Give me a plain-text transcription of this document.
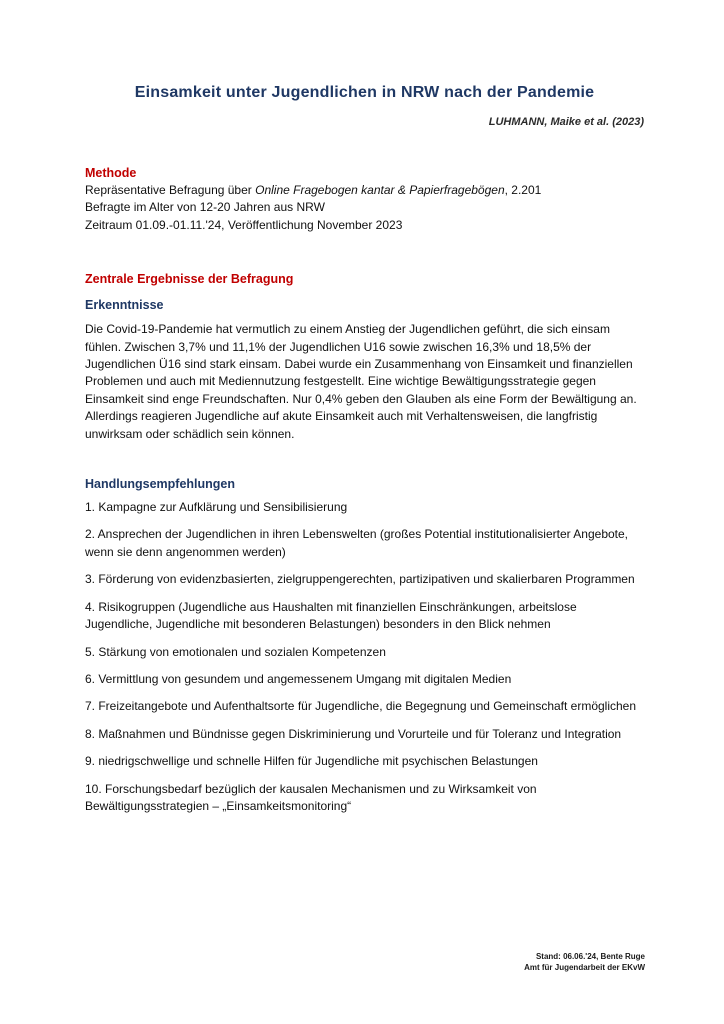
Einsamkeit unter Jugendlichen in NRW nach der Pandemie
LUHMANN, Maike et al. (2023)
Methode

Repräsentative Befragung über Online Fragebogen kantar & Papierfragebögen, 2.201
Befragte im Alter von 12-20 Jahren aus NRW
Zeitraum 01.09.-01.11.'24, Veröffentlichung November 2023

Zentrale Ergebnisse der Befragung
Erkenntnisse

Die Covid-19-Pandemie hat vermutlich zu einem Anstieg der Jugendlichen geführt, die sich einsam fühlen. Zwischen 3,7% und 11,1% der Jugendlichen U16 sowie zwischen 16,3% und 18,5% der Jugendlichen Ü16 sind stark einsam. Dabei wurde ein Zusammenhang von Einsamkeit und finanziellen Problemen und auch mit Mediennutzung festgestellt. Eine wichtige Bewältigungsstrategie gegen Einsamkeit sind enge Freundschaften. Nur 0,4% geben den Glauben als eine Form der Bewältigung an. Allerdings reagieren Jugendliche auf akute Einsamkeit auch mit Verhaltensweisen, die langfristig unwirksam oder schädlich sein können.

Handlungsempfehlungen

1. Kampagne zur Aufklärung und Sensibilisierung

2. Ansprechen der Jugendlichen in ihren Lebenswelten (großes Potential institutionalisierter Angebote, wenn sie denn angenommen werden)

3. Förderung von evidenzbasierten, zielgruppengerechten, partizipativen und skalierbaren Programmen

4. Risikogruppen (Jugendliche aus Haushalten mit finanziellen Einschränkungen, arbeitslose Jugendliche, Jugendliche mit besonderen Belastungen) besonders in den Blick nehmen

5. Stärkung von emotionalen und sozialen Kompetenzen

6. Vermittlung von gesundem und angemessenem Umgang mit digitalen Medien

7. Freizeitangebote und Aufenthaltsorte für Jugendliche, die Begegnung und Gemeinschaft ermöglichen

8. Maßnahmen und Bündnisse gegen Diskriminierung und Vorurteile und für Toleranz und Integration

9. niedrigschwellige und schnelle Hilfen für Jugendliche mit psychischen Belastungen

10. Forschungsbedarf bezüglich der kausalen Mechanismen und zu Wirksamkeit von Bewältigungsstrategien – „Einsamkeitsmonitoring“

Stand: 06.06.'24, Bente Ruge
Amt für Jugendarbeit der EKvW
